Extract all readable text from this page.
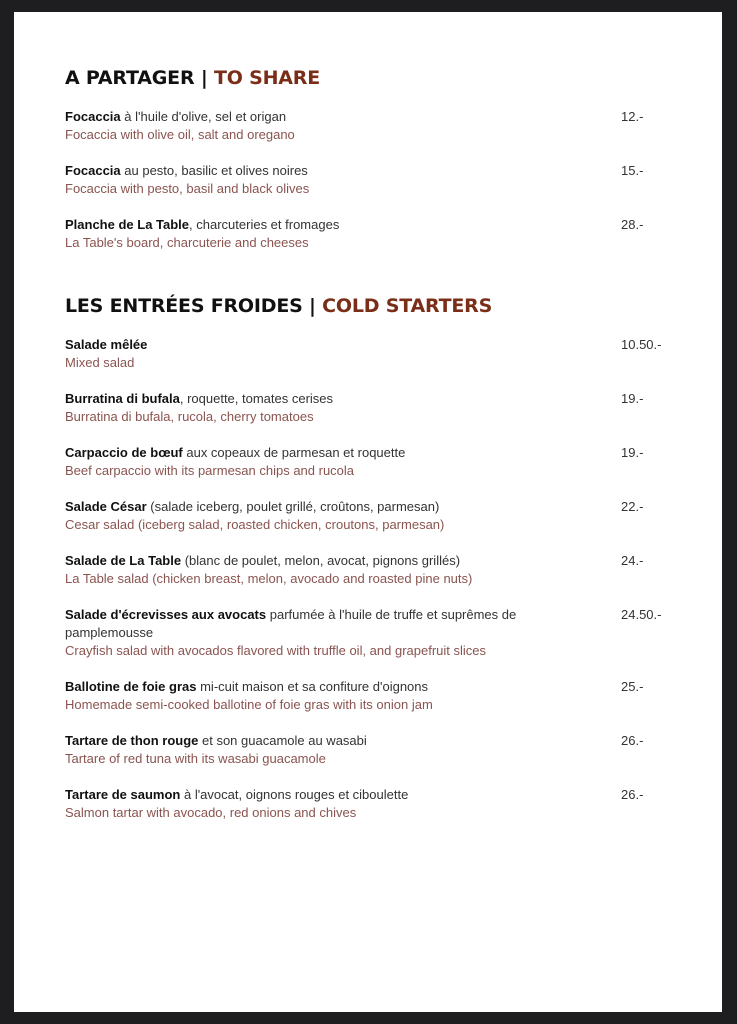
A PARTAGER | TO SHARE
Focaccia à l'huile d'olive, sel et origan
Focaccia with olive oil, salt and oregano
12.-
Focaccia au pesto, basilic et olives noires
Focaccia with pesto, basil and black olives
15.-
Planche de La Table, charcuteries et fromages
La Table's board, charcuterie and cheeses
28.-
LES ENTRÉES FROIDES | COLD STARTERS
Salade mêlée
Mixed salad
10.50.-
Burratina di bufala, roquette, tomates cerises
Burratina di bufala, rucola, cherry tomatoes
19.-
Carpaccio de bœuf aux copeaux de parmesan et roquette
Beef carpaccio with its parmesan chips and rucola
19.-
Salade César (salade iceberg, poulet grillé, croûtons, parmesan)
Cesar salad (iceberg salad, roasted chicken, croutons, parmesan)
22.-
Salade de La Table (blanc de poulet, melon, avocat, pignons grillés)
La Table salad (chicken breast, melon, avocado and roasted pine nuts)
24.-
Salade d'écrevisses aux avocats parfumée à l'huile de truffe et suprêmes de pamplemousse
Crayfish salad with avocados flavored with truffle oil, and grapefruit slices
24.50.-
Ballotine de foie gras mi-cuit maison et sa confiture d'oignons
Homemade semi-cooked ballotine of foie gras with its onion jam
25.-
Tartare de thon rouge et son guacamole au wasabi
Tartare of red tuna with its wasabi guacamole
26.-
Tartare de saumon à l'avocat, oignons rouges et ciboulette
Salmon tartar with avocado, red onions and chives
26.-
